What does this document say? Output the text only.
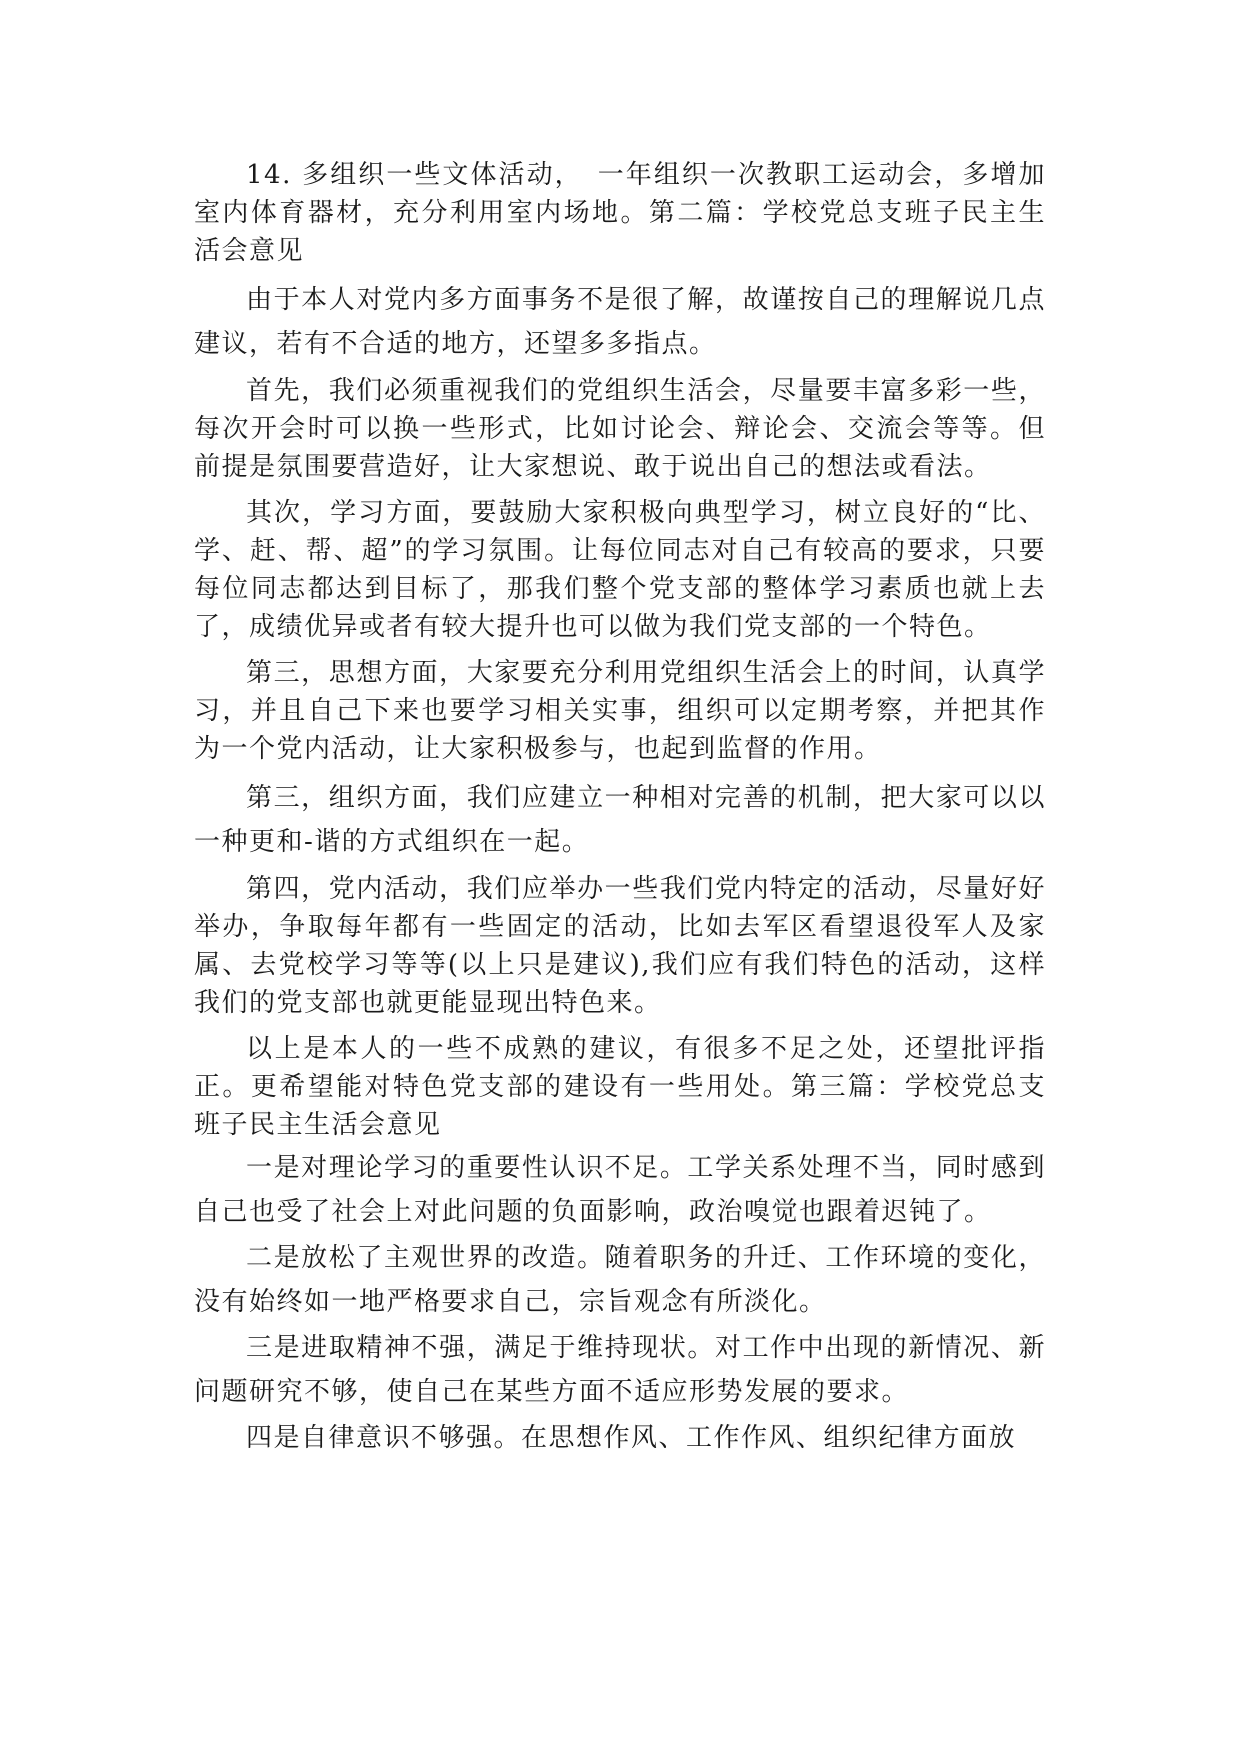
14. 多组织一些文体活动，　一年组织一次教职工运动会，多增加室内体育器材，充分利用室内场地。第二篇：学校党总支班子民主生活会意见

由于本人对党内多方面事务不是很了解，故谨按自己的理解说几点建议，若有不合适的地方，还望多多指点。

首先，我们必须重视我们的党组织生活会，尽量要丰富多彩一些，每次开会时可以换一些形式，比如讨论会、辩论会、交流会等等。但前提是氛围要营造好，让大家想说、敢于说出自己的想法或看法。

其次，学习方面，要鼓励大家积极向典型学习，树立良好的“比、学、赶、帮、超”的学习氛围。让每位同志对自己有较高的要求，只要每位同志都达到目标了，那我们整个党支部的整体学习素质也就上去了，成绩优异或者有较大提升也可以做为我们党支部的一个特色。

第三，思想方面，大家要充分利用党组织生活会上的时间，认真学习，并且自己下来也要学习相关实事，组织可以定期考察，并把其作为一个党内活动，让大家积极参与，也起到监督的作用。

第三，组织方面，我们应建立一种相对完善的机制，把大家可以以一种更和-谐的方式组织在一起。

第四，党内活动，我们应举办一些我们党内特定的活动，尽量好好举办，争取每年都有一些固定的活动，比如去军区看望退役军人及家属、去党校学习等等(以上只是建议),我们应有我们特色的活动，这样我们的党支部也就更能显现出特色来。

以上是本人的一些不成熟的建议，有很多不足之处，还望批评指正。更希望能对特色党支部的建设有一些用处。第三篇：学校党总支班子民主生活会意见

一是对理论学习的重要性认识不足。工学关系处理不当，同时感到自己也受了社会上对此问题的负面影响，政治嗅觉也跟着迟钝了。

二是放松了主观世界的改造。随着职务的升迁、工作环境的变化，没有始终如一地严格要求自己，宗旨观念有所淡化。

三是进取精神不强，满足于维持现状。对工作中出现的新情况、新问题研究不够，使自己在某些方面不适应形势发展的要求。

四是自律意识不够强。在思想作风、工作作风、组织纪律方面放
